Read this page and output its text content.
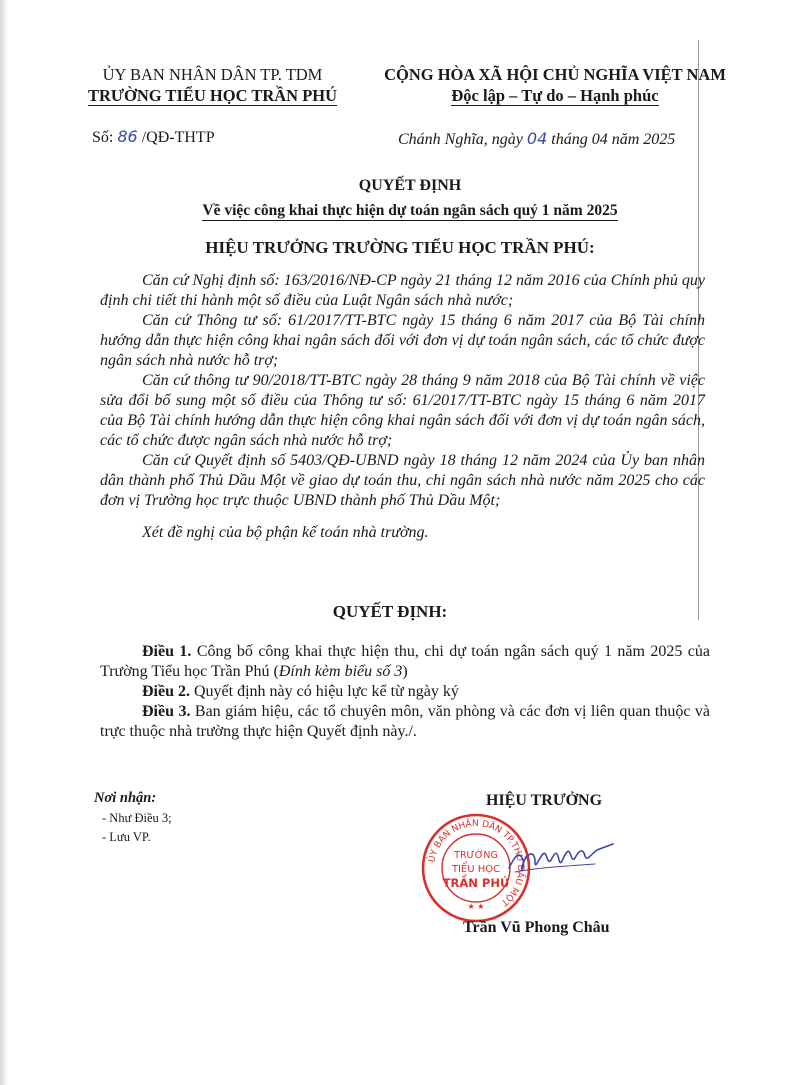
ỦY BAN NHÂN DÂN TP. TDM
TRƯỜNG TIỂU HỌC TRẦN PHÚ
CỘNG HÒA XÃ HỘI CHỦ NGHĨA VIỆT NAM
Độc lập – Tự do – Hạnh phúc
Số: 86 /QĐ-THTP	Chánh Nghĩa, ngày 04 tháng 04 năm 2025
QUYẾT ĐỊNH
Về việc công khai thực hiện dự toán ngân sách quý 1 năm 2025
HIỆU TRƯỞNG TRƯỜNG TIỂU HỌC TRẦN PHÚ:

Căn cứ Nghị định số: 163/2016/NĐ-CP ngày 21 tháng 12 năm 2016 của Chính phủ quy định chi tiết thi hành một số điều của Luật Ngân sách nhà nước;

Căn cứ Thông tư số: 61/2017/TT-BTC ngày 15 tháng 6 năm 2017 của Bộ Tài chính hướng dẫn thực hiện công khai ngân sách đối với đơn vị dự toán ngân sách, các tổ chức được ngân sách nhà nước hỗ trợ;

Căn cứ thông tư 90/2018/TT-BTC ngày 28 tháng 9 năm 2018 của Bộ Tài chính về việc sửa đổi bổ sung một số điều của Thông tư số: 61/2017/TT-BTC ngày 15 tháng 6 năm 2017 của Bộ Tài chính hướng dẫn thực hiện công khai ngân sách đối với đơn vị dự toán ngân sách, các tổ chức được ngân sách nhà nước hỗ trợ;

Căn cứ Quyết định số 5403/QĐ-UBND ngày 18 tháng 12 năm 2024 của Ủy ban nhân dân thành phố Thủ Dầu Một về giao dự toán thu, chi ngân sách nhà nước năm 2025 cho các đơn vị Trường học trực thuộc UBND thành phố Thủ Dầu Một;

Xét đề nghị của bộ phận kế toán nhà trường.

QUYẾT ĐỊNH:

Điều 1. Công bố công khai thực hiện thu, chi dự toán ngân sách quý 1 năm 2025 của Trường Tiểu học Trần Phú (Đính kèm biểu số 3)

Điều 2. Quyết định này có hiệu lực kể từ ngày ký

Điều 3. Ban giám hiệu, các tổ chuyên môn, văn phòng và các đơn vị liên quan thuộc và trực thuộc nhà trường thực hiện Quyết định này./.

Nơi nhận:
- Như Điều 3;
- Lưu VP.
HIỆU TRƯỞNG
ỦY BAN NHÂN DÂN TP.THỦ DẦU MỘT
TRƯỜNG
TIỂU HỌC
TRẦN PHÚ
★ ★
Trần Vũ Phong Châu
